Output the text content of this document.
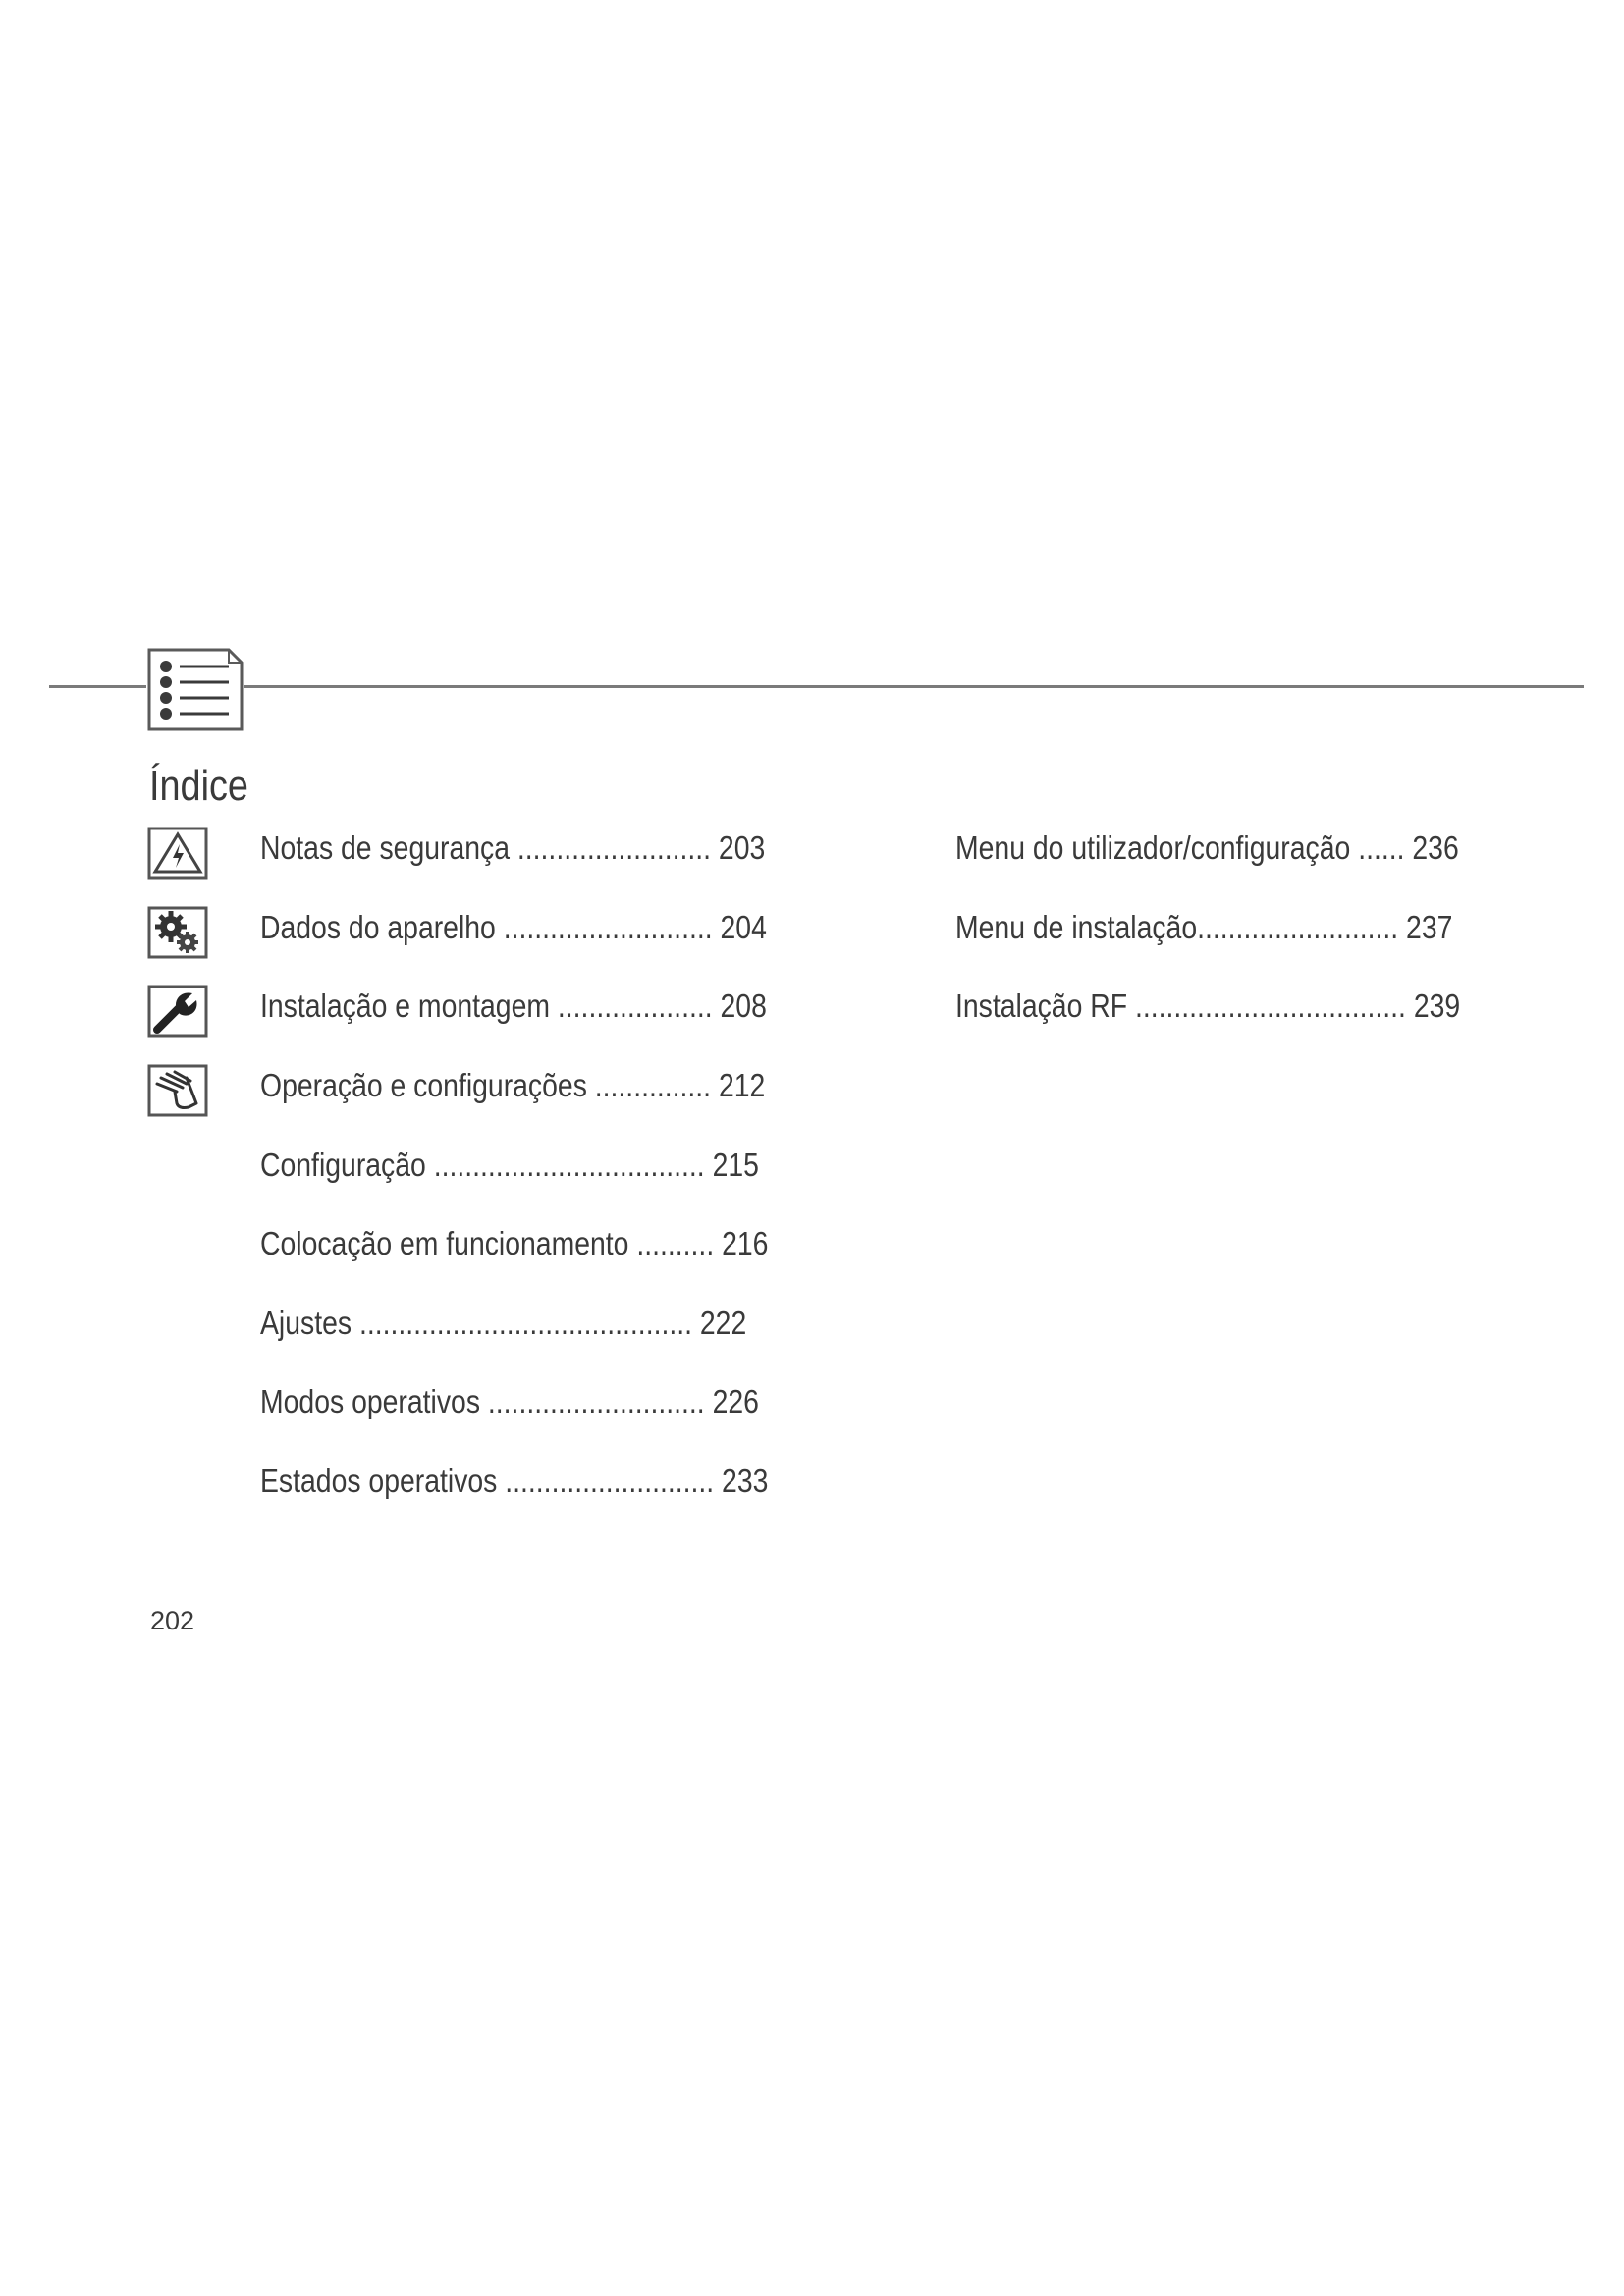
Índice
Notas de segurança ......................... 203
Dados do aparelho ........................... 204
Instalação e montagem .................... 208
Operação e configurações ............... 212
Configuração ................................... 215
Colocação em funcionamento .......... 216
Ajustes ........................................... 222
Modos operativos ............................ 226
Estados operativos ........................... 233
Menu do utilizador/configuração ...... 236
Menu de instalação.......................... 237
Instalação RF ................................... 239
202
